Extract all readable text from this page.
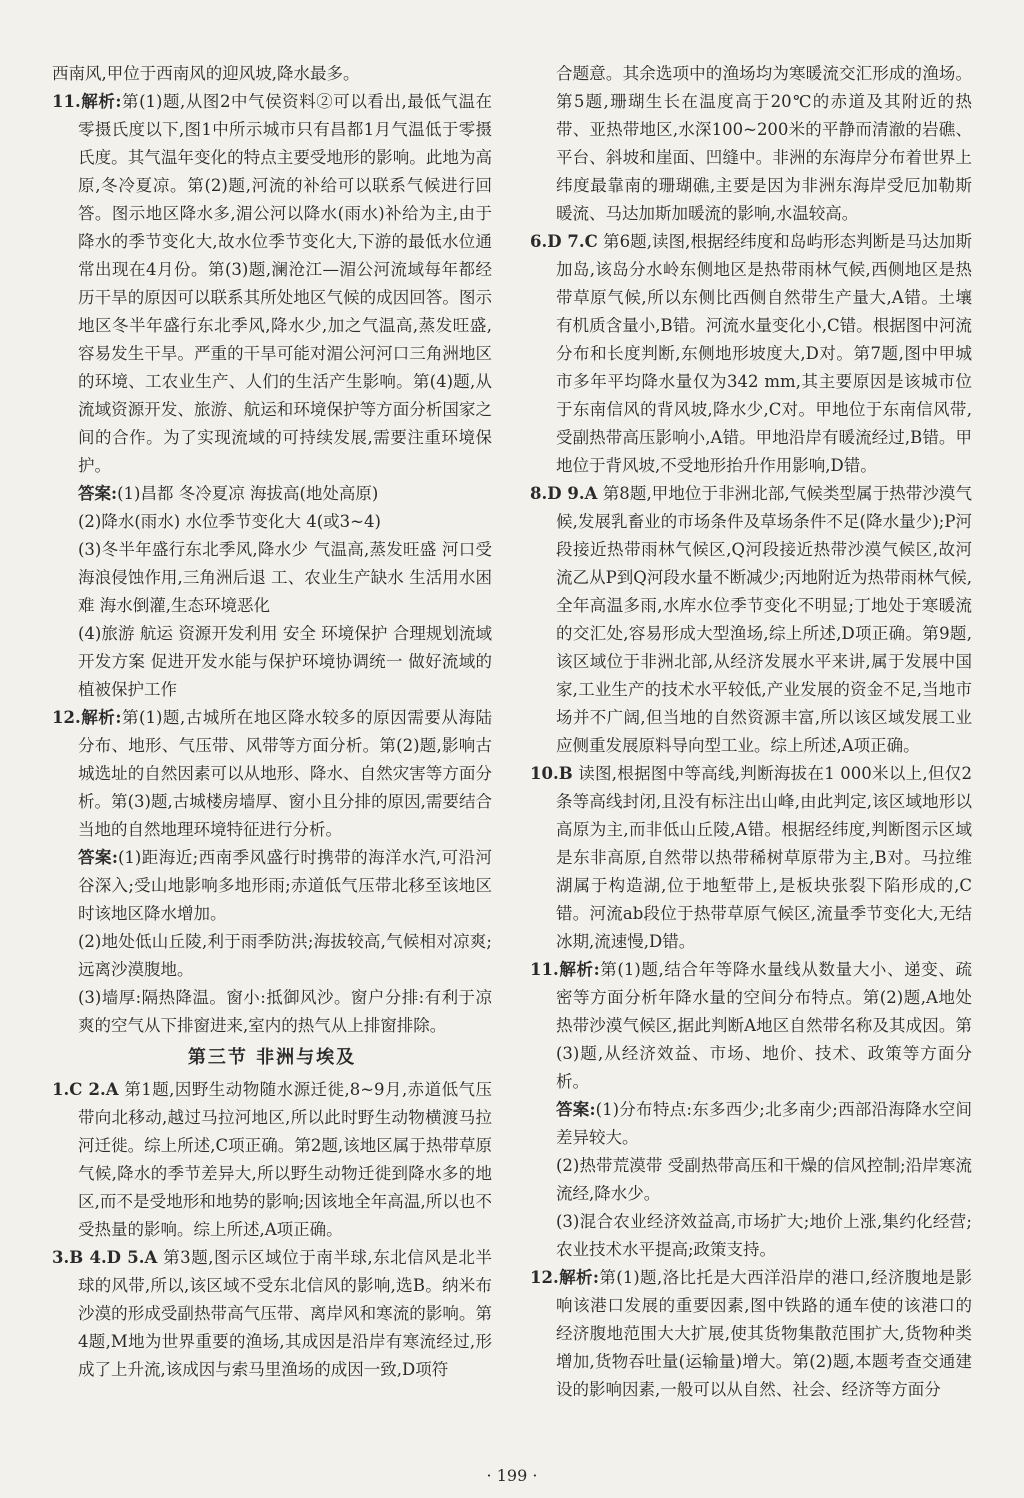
西南风,甲位于西南风的迎风坡,降水最多。

11.解析:第(1)题,从图2中气侯资料②可以看出,最低气温在零摄氏度以下,图1中所示城市只有昌都1月气温低于零摄氏度。其气温年变化的特点主要受地形的影响。此地为高原,冬冷夏凉。第(2)题,河流的补给可以联系气候进行回答。图示地区降水多,湄公河以降水(雨水)补给为主,由于降水的季节变化大,故水位季节变化大,下游的最低水位通常出现在4月份。第(3)题,澜沧江—湄公河流域每年都经历干旱的原因可以联系其所处地区气候的成因回答。图示地区冬半年盛行东北季风,降水少,加之气温高,蒸发旺盛,容易发生干旱。严重的干旱可能对湄公河河口三角洲地区的环境、工农业生产、人们的生活产生影响。第(4)题,从流域资源开发、旅游、航运和环境保护等方面分析国家之间的合作。为了实现流域的可持续发展,需要注重环境保护。
答案:(1)昌都 冬冷夏凉 海拔高(地处高原)

(2)降水(雨水) 水位季节变化大 4(或3~4)

(3)冬半年盛行东北季风,降水少 气温高,蒸发旺盛 河口受海浪侵蚀作用,三角洲后退 工、农业生产缺水 生活用水困难 海水倒灌,生态环境恶化

(4)旅游 航运 资源开发利用 安全 环境保护 合理规划流域开发方案 促进开发水能与保护环境协调统一 做好流域的植被保护工作

12.解析:第(1)题,古城所在地区降水较多的原因需要从海陆分布、地形、气压带、风带等方面分析。第(2)题,影响古城选址的自然因素可以从地形、降水、自然灾害等方面分析。第(3)题,古城楼房墙厚、窗小且分排的原因,需要结合当地的自然地理环境特征进行分析。
答案:(1)距海近;西南季风盛行时携带的海洋水汽,可沿河谷深入;受山地影响多地形雨;赤道低气压带北移至该地区时该地区降水增加。

(2)地处低山丘陵,利于雨季防洪;海拔较高,气候相对凉爽;远离沙漠腹地。

(3)墙厚:隔热降温。窗小:抵御风沙。窗户分排:有利于凉爽的空气从下排窗进来,室内的热气从上排窗排除。

第三节 非洲与埃及

1.C 2.A 第1题,因野生动物随水源迁徙,8~9月,赤道低气压带向北移动,越过马拉河地区,所以此时野生动物横渡马拉河迁徙。综上所述,C项正确。第2题,该地区属于热带草原气候,降水的季节差异大,所以野生动物迁徙到降水多的地区,而不是受地形和地势的影响;因该地全年高温,所以也不受热量的影响。综上所述,A项正确。
3.B 4.D 5.A 第3题,图示区域位于南半球,东北信风是北半球的风带,所以,该区域不受东北信风的影响,选B。纳米布沙漠的形成受副热带高气压带、离岸风和寒流的影响。第4题,M地为世界重要的渔场,其成因是沿岸有寒流经过,形成了上升流,该成因与索马里渔场的成因一致,D项符

合题意。其余选项中的渔场均为寒暖流交汇形成的渔场。第5题,珊瑚生长在温度高于20℃的赤道及其附近的热带、亚热带地区,水深100~200米的平静而清澈的岩礁、平台、斜坡和崖面、凹缝中。非洲的东海岸分布着世界上纬度最靠南的珊瑚礁,主要是因为非洲东海岸受厄加勒斯暖流、马达加斯加暖流的影响,水温较高。

6.D 7.C 第6题,读图,根据经纬度和岛屿形态判断是马达加斯加岛,该岛分水岭东侧地区是热带雨林气候,西侧地区是热带草原气候,所以东侧比西侧自然带生产量大,A错。土壤有机质含量小,B错。河流水量变化小,C错。根据图中河流分布和长度判断,东侧地形坡度大,D对。第7题,图中甲城市多年平均降水量仅为342 mm,其主要原因是该城市位于东南信风的背风坡,降水少,C对。甲地位于东南信风带,受副热带高压影响小,A错。甲地沿岸有暖流经过,B错。甲地位于背风坡,不受地形抬升作用影响,D错。
8.D 9.A 第8题,甲地位于非洲北部,气候类型属于热带沙漠气候,发展乳畜业的市场条件及草场条件不足(降水量少);P河段接近热带雨林气候区,Q河段接近热带沙漠气候区,故河流乙从P到Q河段水量不断减少;丙地附近为热带雨林气候,全年高温多雨,水库水位季节变化不明显;丁地处于寒暖流的交汇处,容易形成大型渔场,综上所述,D项正确。第9题,该区域位于非洲北部,从经济发展水平来讲,属于发展中国家,工业生产的技术水平较低,产业发展的资金不足,当地市场并不广阔,但当地的自然资源丰富,所以该区域发展工业应侧重发展原料导向型工业。综上所述,A项正确。
10.B 读图,根据图中等高线,判断海拔在1 000米以上,但仅2条等高线封闭,且没有标注出山峰,由此判定,该区域地形以高原为主,而非低山丘陵,A错。根据经纬度,判断图示区域是东非高原,自然带以热带稀树草原带为主,B对。马拉维湖属于构造湖,位于地堑带上,是板块张裂下陷形成的,C错。河流ab段位于热带草原气候区,流量季节变化大,无结冰期,流速慢,D错。
11.解析:第(1)题,结合年等降水量线从数量大小、递变、疏密等方面分析年降水量的空间分布特点。第(2)题,A地处热带沙漠气候区,据此判断A地区自然带名称及其成因。第(3)题,从经济效益、市场、地价、技术、政策等方面分析。
答案:(1)分布特点:东多西少;北多南少;西部沿海降水空间差异较大。

(2)热带荒漠带 受副热带高压和干燥的信风控制;沿岸寒流流经,降水少。

(3)混合农业经济效益高,市场扩大;地价上涨,集约化经营;农业技术水平提高;政策支持。

12.解析:第(1)题,洛比托是大西洋沿岸的港口,经济腹地是影响该港口发展的重要因素,图中铁路的通车使的该港口的经济腹地范围大大扩展,使其货物集散范围扩大,货物种类增加,货物吞吐量(运输量)增大。第(2)题,本题考查交通建设的影响因素,一般可以从自然、社会、经济等方面分
· 199 ·
